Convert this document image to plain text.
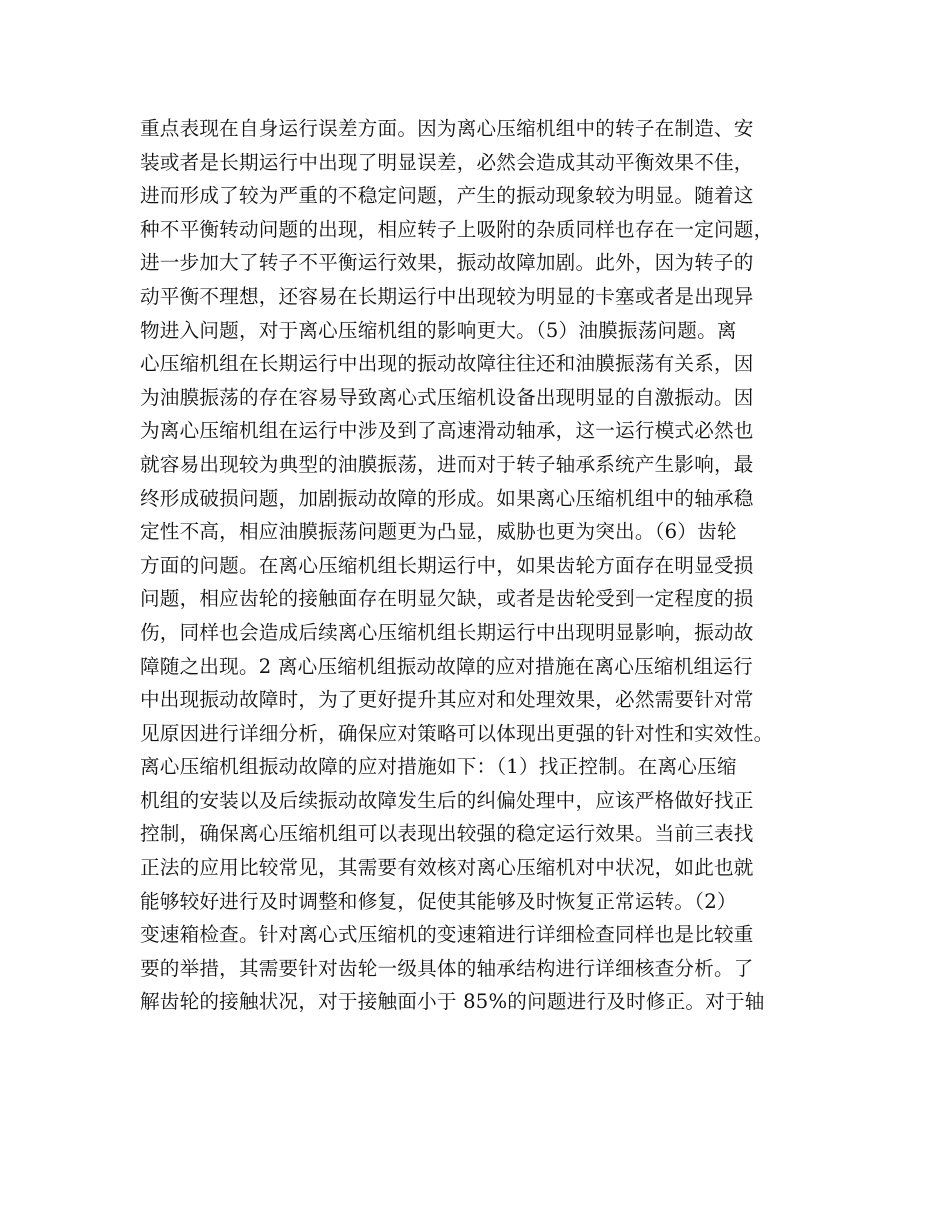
重点表现在自身运行误差方面。因为离心压缩机组中的转子在制造、安
装或者是长期运行中出现了明显误差，必然会造成其动平衡效果不佳，
进而形成了较为严重的不稳定问题，产生的振动现象较为明显。随着这
种不平衡转动问题的出现，相应转子上吸附的杂质同样也存在一定问题，
进一步加大了转子不平衡运行效果，振动故障加剧。此外，因为转子的
动平衡不理想，还容易在长期运行中出现较为明显的卡塞或者是出现异
物进入问题，对于离心压缩机组的影响更大。（5）油膜振荡问题。离
心压缩机组在长期运行中出现的振动故障往往还和油膜振荡有关系，因
为油膜振荡的存在容易导致离心式压缩机设备出现明显的自激振动。因
为离心压缩机组在运行中涉及到了高速滑动轴承，这一运行模式必然也
就容易出现较为典型的油膜振荡，进而对于转子轴承系统产生影响，最
终形成破损问题，加剧振动故障的形成。如果离心压缩机组中的轴承稳
定性不高，相应油膜振荡问题更为凸显，威胁也更为突出。（6）齿轮
方面的问题。在离心压缩机组长期运行中，如果齿轮方面存在明显受损
问题，相应齿轮的接触面存在明显欠缺，或者是齿轮受到一定程度的损
伤，同样也会造成后续离心压缩机组长期运行中出现明显影响，振动故
障随之出现。2 离心压缩机组振动故障的应对措施在离心压缩机组运行
中出现振动故障时，为了更好提升其应对和处理效果，必然需要针对常
见原因进行详细分析，确保应对策略可以体现出更强的针对性和实效性。
离心压缩机组振动故障的应对措施如下：（1）找正控制。在离心压缩
机组的安装以及后续振动故障发生后的纠偏处理中，应该严格做好找正
控制，确保离心压缩机组可以表现出较强的稳定运行效果。当前三表找
正法的应用比较常见，其需要有效核对离心压缩机对中状况，如此也就
能够较好进行及时调整和修复，促使其能够及时恢复正常运转。（2）
变速箱检查。针对离心式压缩机的变速箱进行详细检查同样也是比较重
要的举措，其需要针对齿轮一级具体的轴承结构进行详细核查分析。了
解齿轮的接触状况，对于接触面小于 85%的问题进行及时修正。对于轴
